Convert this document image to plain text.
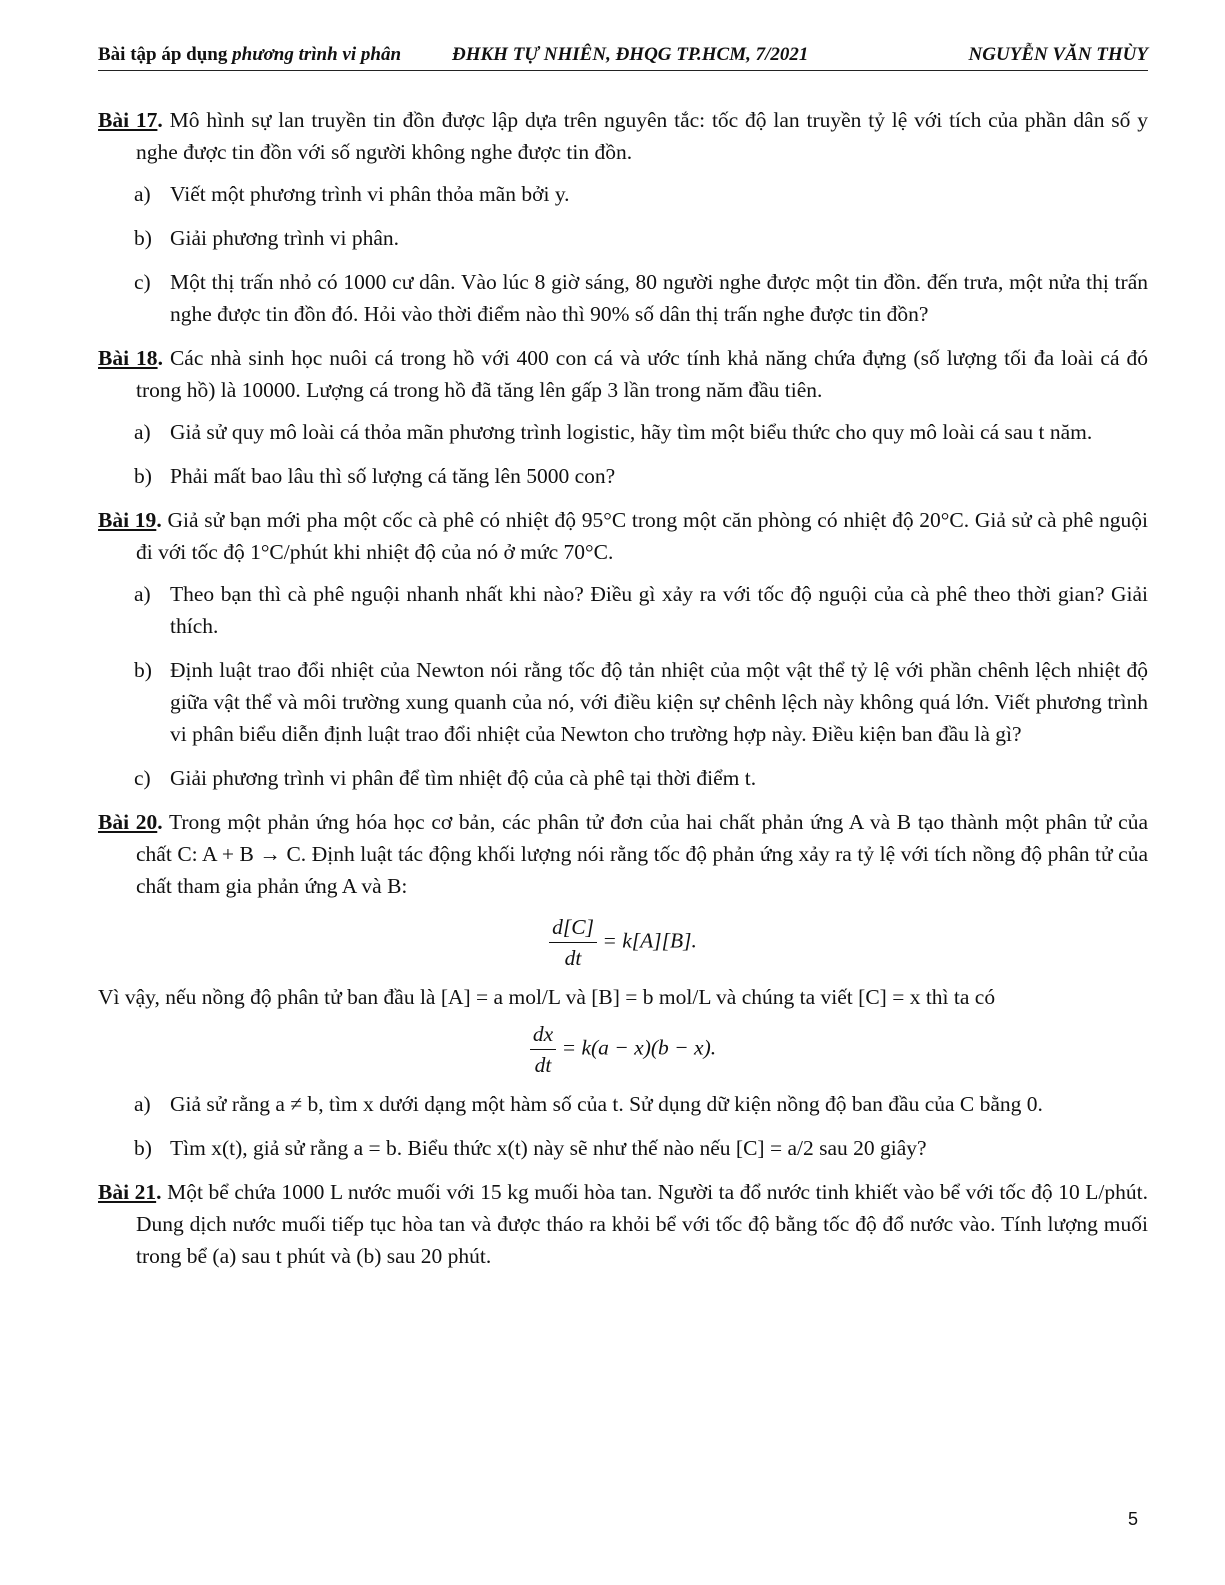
Bài tập áp dụng phương trình vi phân	ĐHKH TỰ NHIÊN, ĐHQG TP.HCM, 7/2021	NGUYỄN VĂN THÙY

Bài 17. Mô hình sự lan truyền tin đồn được lập dựa trên nguyên tắc: tốc độ lan truyền tỷ lệ với tích của phần dân số y nghe được tin đồn với số người không nghe được tin đồn.

a) Viết một phương trình vi phân thỏa mãn bởi y.
b) Giải phương trình vi phân.
c) Một thị trấn nhỏ có 1000 cư dân. Vào lúc 8 giờ sáng, 80 người nghe được một tin đồn. đến trưa, một nửa thị trấn nghe được tin đồn đó. Hỏi vào thời điểm nào thì 90% số dân thị trấn nghe được tin đồn?

Bài 18. Các nhà sinh học nuôi cá trong hồ với 400 con cá và ước tính khả năng chứa đựng (số lượng tối đa loài cá đó trong hồ) là 10000. Lượng cá trong hồ đã tăng lên gấp 3 lần trong năm đầu tiên.

a) Giả sử quy mô loài cá thỏa mãn phương trình logistic, hãy tìm một biểu thức cho quy mô loài cá sau t năm.
b) Phải mất bao lâu thì số lượng cá tăng lên 5000 con?

Bài 19. Giả sử bạn mới pha một cốc cà phê có nhiệt độ 95°C trong một căn phòng có nhiệt độ 20°C. Giả sử cà phê nguội đi với tốc độ 1°C/phút khi nhiệt độ của nó ở mức 70°C.

a) Theo bạn thì cà phê nguội nhanh nhất khi nào? Điều gì xảy ra với tốc độ nguội của cà phê theo thời gian? Giải thích.
b) Định luật trao đổi nhiệt của Newton nói rằng tốc độ tản nhiệt của một vật thể tỷ lệ với phần chênh lệch nhiệt độ giữa vật thể và môi trường xung quanh của nó, với điều kiện sự chênh lệch này không quá lớn. Viết phương trình vi phân biểu diễn định luật trao đổi nhiệt của Newton cho trường hợp này. Điều kiện ban đầu là gì?
c) Giải phương trình vi phân để tìm nhiệt độ của cà phê tại thời điểm t.

Bài 20. Trong một phản ứng hóa học cơ bản, các phân tử đơn của hai chất phản ứng A và B tạo thành một phân tử của chất C: A + B → C. Định luật tác động khối lượng nói rằng tốc độ phản ứng xảy ra tỷ lệ với tích nồng độ phân tử của chất tham gia phản ứng A và B:

$\frac{d[C]}{dt} = k[A][B]$.

Vì vậy, nếu nồng độ phân tử ban đầu là [A] = a mol/L và [B] = b mol/L và chúng ta viết [C] = x thì ta có

$\frac{dx}{dt} = k(a - x)(b - x)$.
a) Giả sử rằng a ≠ b, tìm x dưới dạng một hàm số của t. Sử dụng dữ kiện nồng độ ban đầu của C bằng 0.
b) Tìm x(t), giả sử rằng a = b. Biểu thức x(t) này sẽ như thế nào nếu [C] = a/2 sau 20 giây?

Bài 21. Một bể chứa 1000 L nước muối với 15 kg muối hòa tan. Người ta đổ nước tinh khiết vào bể với tốc độ 10 L/phút. Dung dịch nước muối tiếp tục hòa tan và được tháo ra khỏi bể với tốc độ bằng tốc độ đổ nước vào. Tính lượng muối trong bể (a) sau t phút và (b) sau 20 phút.

5
